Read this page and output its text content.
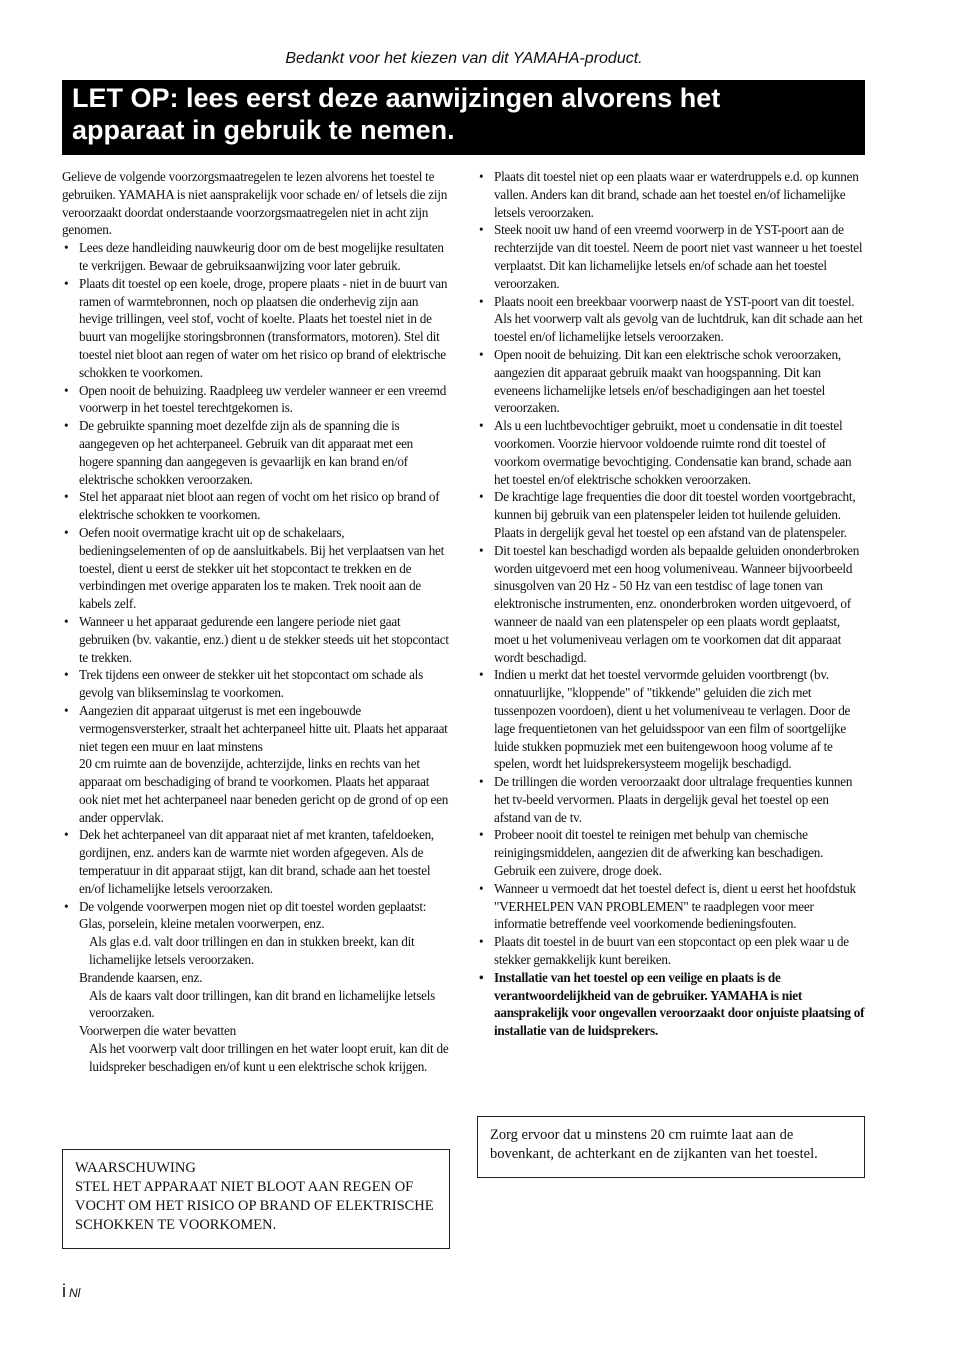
Bedankt voor het kiezen van dit YAMAHA-product.
LET OP: lees eerst deze aanwijzingen alvorens het
apparaat in gebruik te nemen.

Gelieve de volgende voorzorgsmaatregelen te lezen alvorens het toestel te gebruiken. YAMAHA is niet aansprakelijk voor schade en/ of letsels die zijn veroorzaakt doordat onderstaande voorzorgsmaatregelen niet in acht zijn genomen.

• Lees deze handleiding nauwkeurig door om de best mogelijke resultaten te verkrijgen. Bewaar de gebruiksaanwijzing voor later gebruik.
• Plaats dit toestel op een koele, droge, propere plaats - niet in de buurt van ramen of warmtebronnen, noch op plaatsen die onderhevig zijn aan hevige trillingen, veel stof, vocht of koelte. Plaats het toestel niet in de buurt van mogelijke storingsbronnen (transformators, motoren). Stel dit toestel niet bloot aan regen of water om het risico op brand of elektrische schokken te voorkomen.
• Open nooit de behuizing. Raadpleeg uw verdeler wanneer er een vreemd voorwerp in het toestel terechtgekomen is.
• De gebruikte spanning moet dezelfde zijn als de spanning die is aangegeven op het achterpaneel. Gebruik van dit apparaat met een hogere spanning dan aangegeven is gevaarlijk en kan brand en/of elektrische schokken veroorzaken.
• Stel het apparaat niet bloot aan regen of vocht om het risico op brand of elektrische schokken te voorkomen.
• Oefen nooit overmatige kracht uit op de schakelaars, bedieningselementen of op de aansluitkabels. Bij het verplaatsen van het toestel, dient u eerst de stekker uit het stopcontact te trekken en de verbindingen met overige apparaten los te maken. Trek nooit aan de kabels zelf.
• Wanneer u het apparaat gedurende een langere periode niet gaat gebruiken (bv. vakantie, enz.) dient u de stekker steeds uit het stopcontact te trekken.
• Trek tijdens een onweer de stekker uit het stopcontact om schade als gevolg van blikseminslag te voorkomen.
• Aangezien dit apparaat uitgerust is met een ingebouwde vermogensversterker, straalt het achterpaneel hitte uit. Plaats het apparaat niet tegen een muur en laat minstens
20 cm ruimte aan de bovenzijde, achterzijde, links en rechts van het apparaat om beschadiging of brand te voorkomen. Plaats het apparaat ook niet met het achterpaneel naar beneden gericht op de grond of op een ander oppervlak.
• Dek het achterpaneel van dit apparaat niet af met kranten, tafeldoeken, gordijnen, enz. anders kan de warmte niet worden afgegeven. Als de temperatuur in dit apparaat stijgt, kan dit brand, schade aan het toestel en/of lichamelijke letsels veroorzaken.
• De volgende voorwerpen mogen niet op dit toestel worden geplaatst:
Glas, porselein, kleine metalen voorwerpen, enz.
Als glas e.d. valt door trillingen en dan in stukken breekt, kan dit lichamelijke letsels veroorzaken.
Brandende kaarsen, enz.
Als de kaars valt door trillingen, kan dit brand en lichamelijke letsels veroorzaken.
Voorwerpen die water bevatten
Als het voorwerp valt door trillingen en het water loopt eruit, kan dit de luidspreker beschadigen en/of kunt u een elektrische schok krijgen.

WAARSCHUWING

STEL HET APPARAAT NIET BLOOT AAN REGEN OF VOCHT OM HET RISICO OP BRAND OF ELEKTRISCHE SCHOKKEN TE VOORKOMEN.

• Plaats dit toestel niet op een plaats waar er waterdruppels e.d. op kunnen vallen. Anders kan dit brand, schade aan het toestel en/of lichamelijke letsels veroorzaken.
• Steek nooit uw hand of een vreemd voorwerp in de YST-poort aan de rechterzijde van dit toestel. Neem de poort niet vast wanneer u het toestel verplaatst. Dit kan lichamelijke letsels en/of schade aan het toestel veroorzaken.
• Plaats nooit een breekbaar voorwerp naast de YST-poort van dit toestel. Als het voorwerp valt als gevolg van de luchtdruk, kan dit schade aan het toestel en/of lichamelijke letsels veroorzaken.
• Open nooit de behuizing. Dit kan een elektrische schok veroorzaken, aangezien dit apparaat gebruik maakt van hoogspanning. Dit kan eveneens lichamelijke letsels en/of beschadigingen aan het toestel veroorzaken.
• Als u een luchtbevochtiger gebruikt, moet u condensatie in dit toestel voorkomen. Voorzie hiervoor voldoende ruimte rond dit toestel of voorkom overmatige bevochtiging. Condensatie kan brand, schade aan het toestel en/of elektrische schokken veroorzaken.
• De krachtige lage frequenties die door dit toestel worden voortgebracht, kunnen bij gebruik van een platenspeler leiden tot huilende geluiden. Plaats in dergelijk geval het toestel op een afstand van de platenspeler.
• Dit toestel kan beschadigd worden als bepaalde geluiden ononderbroken worden uitgevoerd met een hoog volumeniveau. Wanneer bijvoorbeeld sinusgolven van 20 Hz - 50 Hz van een testdisc of lage tonen van elektronische instrumenten, enz. ononderbroken worden uitgevoerd, of wanneer de naald van een platenspeler op een plaats wordt geplaatst, moet u het volumeniveau verlagen om te voorkomen dat dit apparaat wordt beschadigd.
• Indien u merkt dat het toestel vervormde geluiden voortbrengt (bv. onnatuurlijke, "kloppende" of "tikkende" geluiden die zich met tussenpozen voordoen), dient u het volumeniveau te verlagen. Door de lage frequentietonen van het geluidsspoor van een film of soortgelijke luide stukken popmuziek met een buitengewoon hoog volume af te spelen, wordt het luidsprekersysteem mogelijk beschadigd.
• De trillingen die worden veroorzaakt door ultralage frequenties kunnen het tv-beeld vervormen. Plaats in dergelijk geval het toestel op een afstand van de tv.
• Probeer nooit dit toestel te reinigen met behulp van chemische reinigingsmiddelen, aangezien dit de afwerking kan beschadigen. Gebruik een zuivere, droge doek.
• Wanneer u vermoedt dat het toestel defect is, dient u eerst het hoofdstuk "VERHELPEN VAN PROBLEMEN" te raadplegen voor meer informatie betreffende veel voorkomende bedieningsfouten.
• Plaats dit toestel in de buurt van een stopcontact op een plek waar u de stekker gemakkelijk kunt bereiken.
• Installatie van het toestel op een veilige en plaats is de verantwoordelijkheid van de gebruiker. YAMAHA is niet aansprakelijk voor ongevallen veroorzaakt door onjuiste plaatsing of installatie van de luidsprekers.
Zorg ervoor dat u minstens 20 cm ruimte laat aan de bovenkant, de achterkant en de zijkanten van het toestel.
i Nl
